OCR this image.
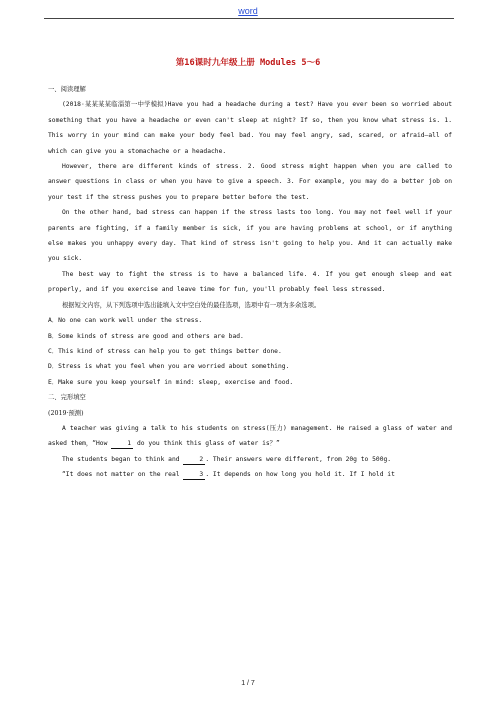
word
第16课时九年级上册 Modules 5～6

一、阅读理解

(2018·某某某某临淄第一中学模拟)Have you had a headache during a test? Have you ever been so worried about something that you have a headache or even can't sleep at night? If so, then you know what stress is. 1. This worry in your mind can make your body feel bad. You may feel angry, sad, scared, or afraid—all of which can give you a stomachache or a headache.

However, there are different kinds of stress. 2. Good stress might happen when you are called to answer questions in class or when you have to give a speech. 3. For example, you may do a better job on your test if the stress pushes you to prepare better before the test.

On the other hand, bad stress can happen if the stress lasts too long. You may not feel well if your parents are fighting, if a family member is sick, if you are having problems at school, or if anything else makes you unhappy every day. That kind of stress isn't going to help you. And it can actually make you sick.

The best way to fight the stress is to have a balanced life. 4. If you get enough sleep and eat properly, and if you exercise and leave time for fun, you'll probably feel less stressed.

根据短文内容，从下列选项中选出能填入文中空白处的最佳选项，选项中有一项为多余选项。

A．No one can work well under the stress.

B．Some kinds of stress are good and others are bad.

C．This kind of stress can help you to get things better done.

D．Stress is what you feel when you are worried about something.

E．Make sure you keep yourself in mind: sleep, exercise and food.

二、完形填空

(2019·预测)

A teacher was giving a talk to his students on stress(压力) management. He raised a glass of water and asked them，“How	1 do you think this glass of water is？”

The students began to think and	2 . Their answers were different, from 20g to 500g.

“It does not matter on the real	3 . It depends on how long you hold it. If I hold it

1 / 7
